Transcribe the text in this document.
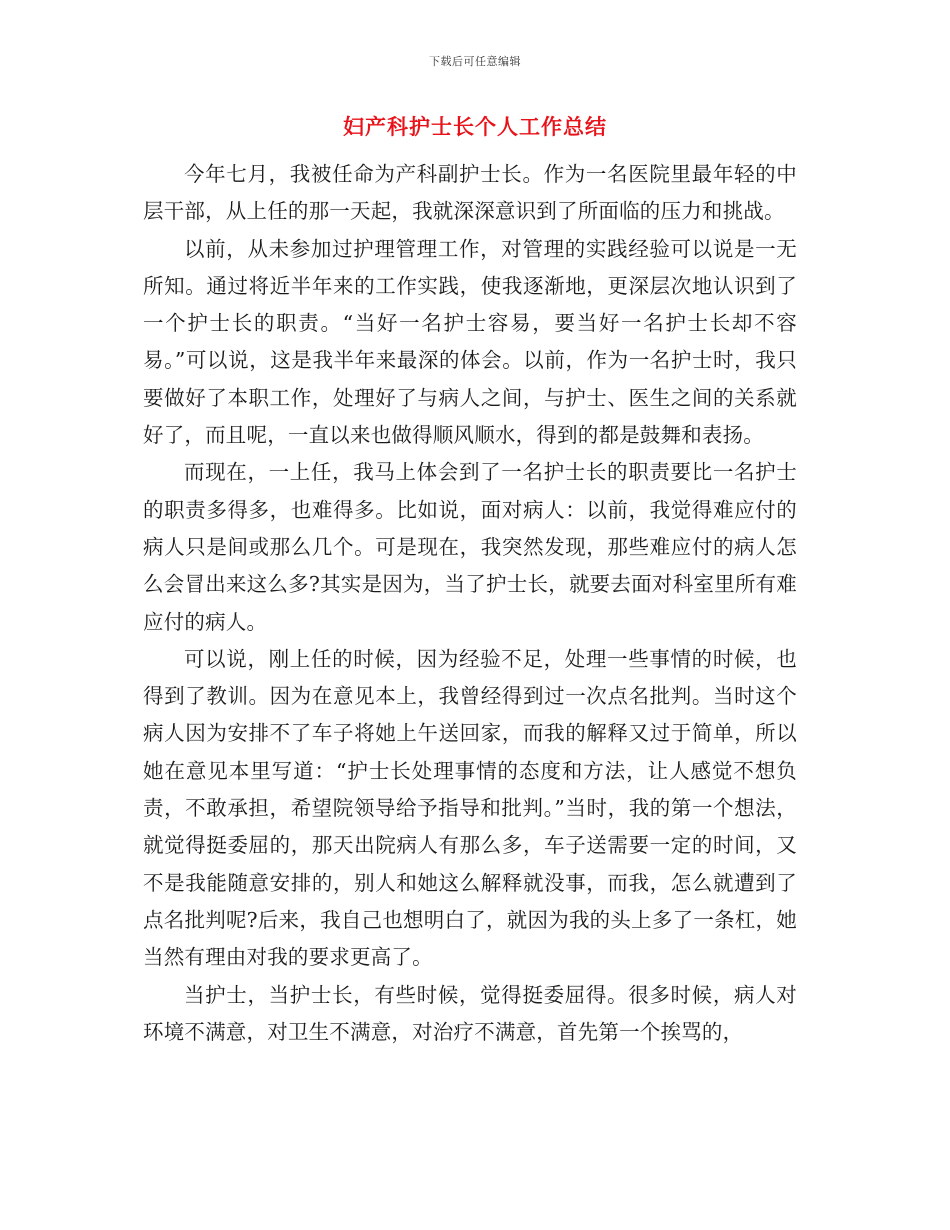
下载后可任意编辑
妇产科护士长个人工作总结

今年七月，我被任命为产科副护士长。作为一名医院里最年轻的中层干部，从上任的那一天起，我就深深意识到了所面临的压力和挑战。

以前，从未参加过护理管理工作，对管理的实践经验可以说是一无所知。通过将近半年来的工作实践，使我逐渐地，更深层次地认识到了一个护士长的职责。“当好一名护士容易，要当好一名护士长却不容易。”可以说，这是我半年来最深的体会。以前，作为一名护士时，我只要做好了本职工作，处理好了与病人之间，与护士、医生之间的关系就好了，而且呢，一直以来也做得顺风顺水，得到的都是鼓舞和表扬。

而现在，一上任，我马上体会到了一名护士长的职责要比一名护士的职责多得多，也难得多。比如说，面对病人：以前，我觉得难应付的病人只是间或那么几个。可是现在，我突然发现，那些难应付的病人怎么会冒出来这么多?其实是因为，当了护士长，就要去面对科室里所有难应付的病人。

可以说，刚上任的时候，因为经验不足，处理一些事情的时候，也得到了教训。因为在意见本上，我曾经得到过一次点名批判。当时这个病人因为安排不了车子将她上午送回家，而我的解释又过于简单，所以她在意见本里写道：“护士长处理事情的态度和方法，让人感觉不想负责，不敢承担，希望院领导给予指导和批判。”当时，我的第一个想法，就觉得挺委屈的，那天出院病人有那么多，车子送需要一定的时间，又不是我能随意安排的，别人和她这么解释就没事，而我，怎么就遭到了点名批判呢?后来，我自己也想明白了，就因为我的头上多了一条杠，她当然有理由对我的要求更高了。

当护士，当护士长，有些时候，觉得挺委屈得。很多时候，病人对环境不满意，对卫生不满意，对治疗不满意，首先第一个挨骂的，
